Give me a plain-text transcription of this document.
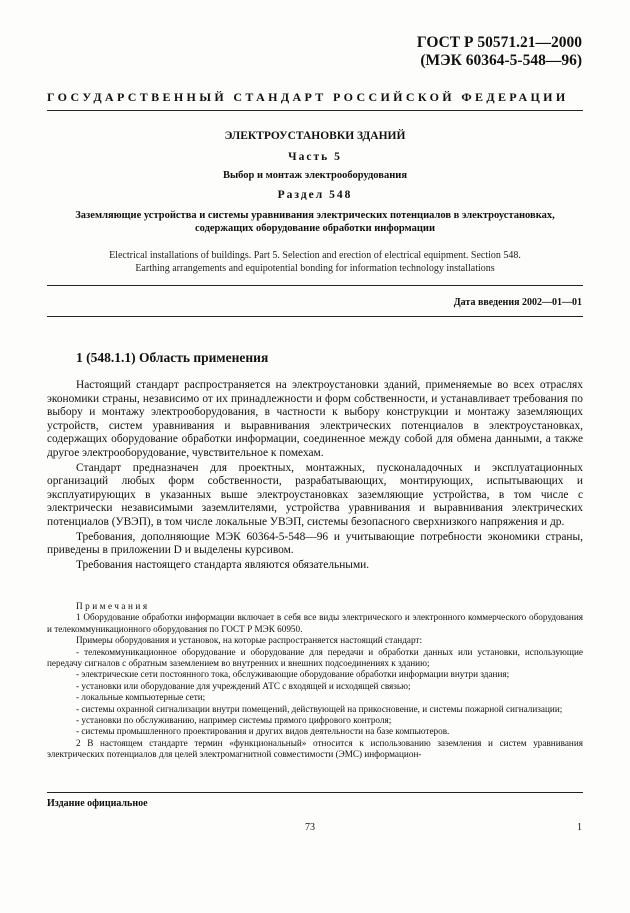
ГОСТ Р 50571.21—2000
(МЭК 60364-5-548—96)
ГОСУДАРСТВЕННЫЙ СТАНДАРТ РОССИЙСКОЙ ФЕДЕРАЦИИ
ЭЛЕКТРОУСТАНОВКИ ЗДАНИЙ
Часть 5
Выбор и монтаж электрооборудования
Раздел 548
Заземляющие устройства и системы уравнивания электрических потенциалов в электроустановках,
содержащих оборудование обработки информации
Electrical installations of buildings. Part 5. Selection and erection of electrical equipment. Section 548.
Earthing arrangements and equipotential bonding for information technology installations
Дата введения 2002—01—01
1 (548.1.1) Область применения

Настоящий стандарт распространяется на электроустановки зданий, применяемые во всех отраслях экономики страны, независимо от их принадлежности и форм собственности, и устанавливает требования по выбору и монтажу электрооборудования, в частности к выбору конструкции и монтажу заземляющих устройств, систем уравнивания и выравнивания электрических потенциалов в электроустановках, содержащих оборудование обработки информации, соединенное между собой для обмена данными, а также другое электрооборудование, чувствительное к помехам.

Стандарт предназначен для проектных, монтажных, пусконаладочных и эксплуатационных организаций любых форм собственности, разрабатывающих, монтирующих, испытывающих и эксплуатирующих в указанных выше электроустановках заземляющие устройства, в том числе с электрически независимыми заземлителями, устройства уравнивания и выравнивания электрических потенциалов (УВЭП), в том числе локальные УВЭП, системы безопасного сверхнизкого напряжения и др.

Требования, дополняющие МЭК 60364-5-548—96 и учитывающие потребности экономики страны, приведены в приложении D и выделены курсивом.

Требования настоящего стандарта являются обязательными.

Примечания

1 Оборудование обработки информации включает в себя все виды электрического и электронного коммерческого оборудования и телекоммуникационного оборудования по ГОСТ Р МЭК 60950.

Примеры оборудования и установок, на которые распространяется настоящий стандарт:

- телекоммуникационное оборудование и оборудование для передачи и обработки данных или установки, использующие передачу сигналов с обратным заземлением во внутренних и внешних подсоединениях к зданию;

- электрические сети постоянного тока, обслуживающие оборудование обработки информации внутри здания;

- установки или оборудование для учреждений АТС с входящей и исходящей связью;

- локальные компьютерные сети;

- системы охранной сигнализации внутри помещений, действующей на прикосновение, и системы пожарной сигнализации;

- установки по обслуживанию, например системы прямого цифрового контроля;

- системы промышленного проектирования и других видов деятельности на базе компьютеров.

2 В настоящем стандарте термин «функциональный» относится к использованию заземления и систем уравнивания электрических потенциалов для целей электромагнитной совместимости (ЭМС) информацион-

Издание официальное
73	1
